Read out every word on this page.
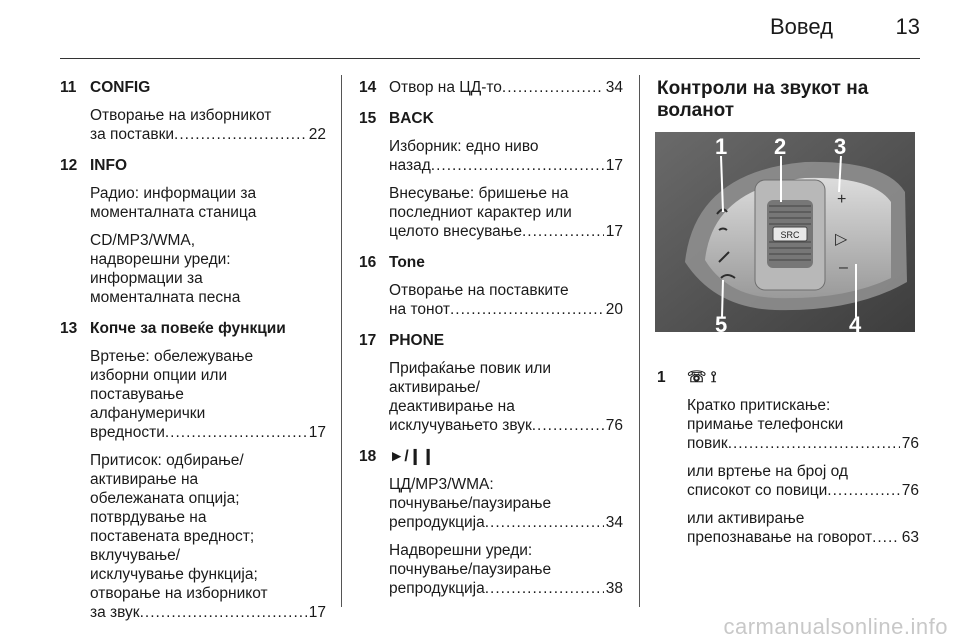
Вовед	13
11 CONFIG
Отворање на изборникот
за поставки .....	22
12 INFO
Радио: информации за
моменталната станица
CD/MP3/WMA,
надворешни уреди:
информации за
моменталната песна
13 Копче за повеќе функции
Вртење: обележување
изборни опции или
поставување
алфанумерички
вредности .....	17
Притисок: одбирање/
активирање на
обележаната опција;
потврдување на
поставената вредност;
вклучување/
исклучување функција;
отворање на изборникот
за звук .....	17
14 Отвор на ЦД-то .....	34
15 BACK
Изборник: едно ниво
назад .....	17
Внесување: бришење на
последниот карактер или
целото внесување .....	17
16 Tone
Отворање на поставките
на тонот .....	20
17 PHONE
Прифаќање повик или
активирање/
деактивирање на
исклучувањето звук .....	76
18 ►/❙❙
ЦД/MP3/WMA:
почнување/паузирање
репродукција .....	34
Надворешни уреди:
почнување/паузирање
репродукција .....	38
Контроли на звукот на
воланот
1 ☏ ⟟
Кратко притискање:
примање телефонски
повик .....	76
или вртење на број од
списокот со повици .....	76
или активирање
препознавање на говорот ..... 63
SRC
+
▷
–
1 2 3
4
5
carmanualsonline.info
